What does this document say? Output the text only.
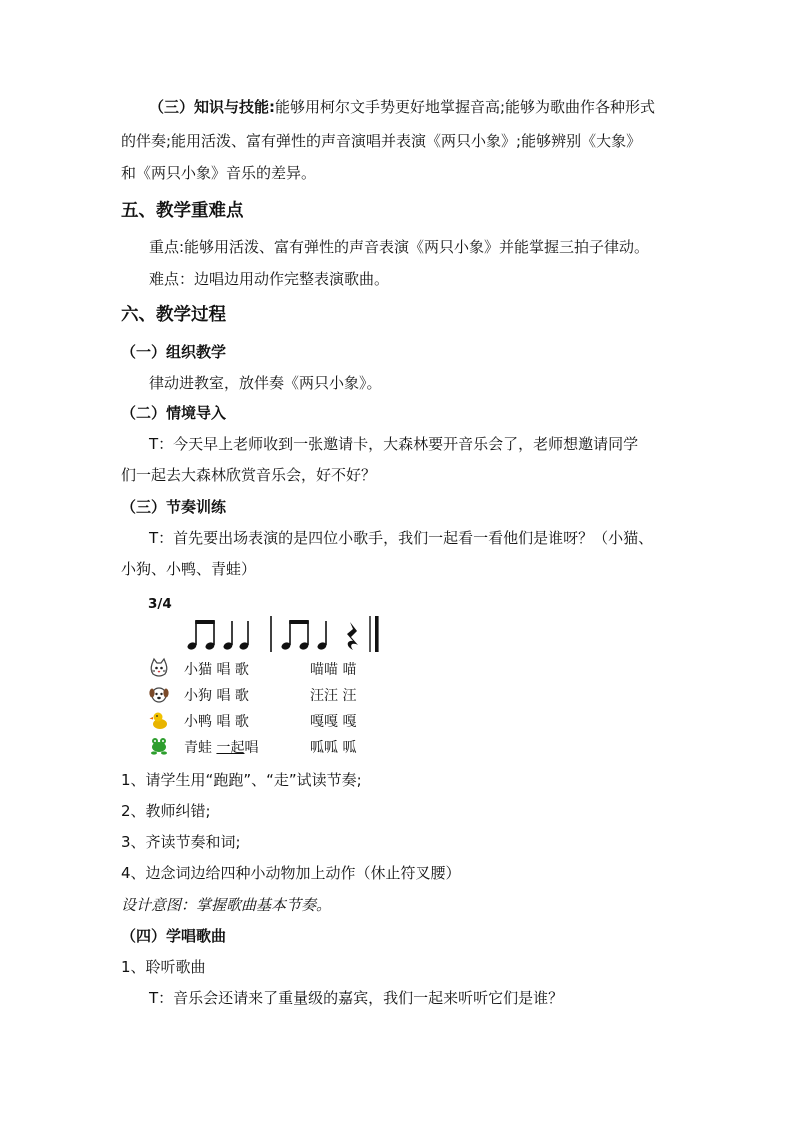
（三）知识与技能:能够用柯尔文手势更好地掌握音高;能够为歌曲作各种形式

的伴奏;能用活泼、富有弹性的声音演唱并表演《两只小象》;能够辨别《大象》

和《两只小象》音乐的差异。

五、教学重难点

重点:能够用活泼、富有弹性的声音表演《两只小象》并能掌握三拍子律动。

难点：边唱边用动作完整表演歌曲。

六、教学过程

（一）组织教学

律动进教室，放伴奏《两只小象》。

（二）情境导入

T：今天早上老师收到一张邀请卡，大森林要开音乐会了，老师想邀请同学

们一起去大森林欣赏音乐会，好不好？

（三）节奏训练

T：首先要出场表演的是四位小歌手，我们一起看一看他们是谁呀？（小猫、

小狗、小鸭、青蛙）

3/4
小猫 唱 歌	喵喵 喵
小狗 唱 歌	汪汪 汪
小鸭 唱 歌	嘎嘎 嘎
青蛙 一起唱	呱呱 呱

1、请学生用“跑跑”、“走”试读节奏;

2、教师纠错;

3、齐读节奏和词;

4、边念词边给四种小动物加上动作（休止符叉腰）

设计意图：掌握歌曲基本节奏。

（四）学唱歌曲

1、聆听歌曲

T：音乐会还请来了重量级的嘉宾，我们一起来听听它们是谁？
